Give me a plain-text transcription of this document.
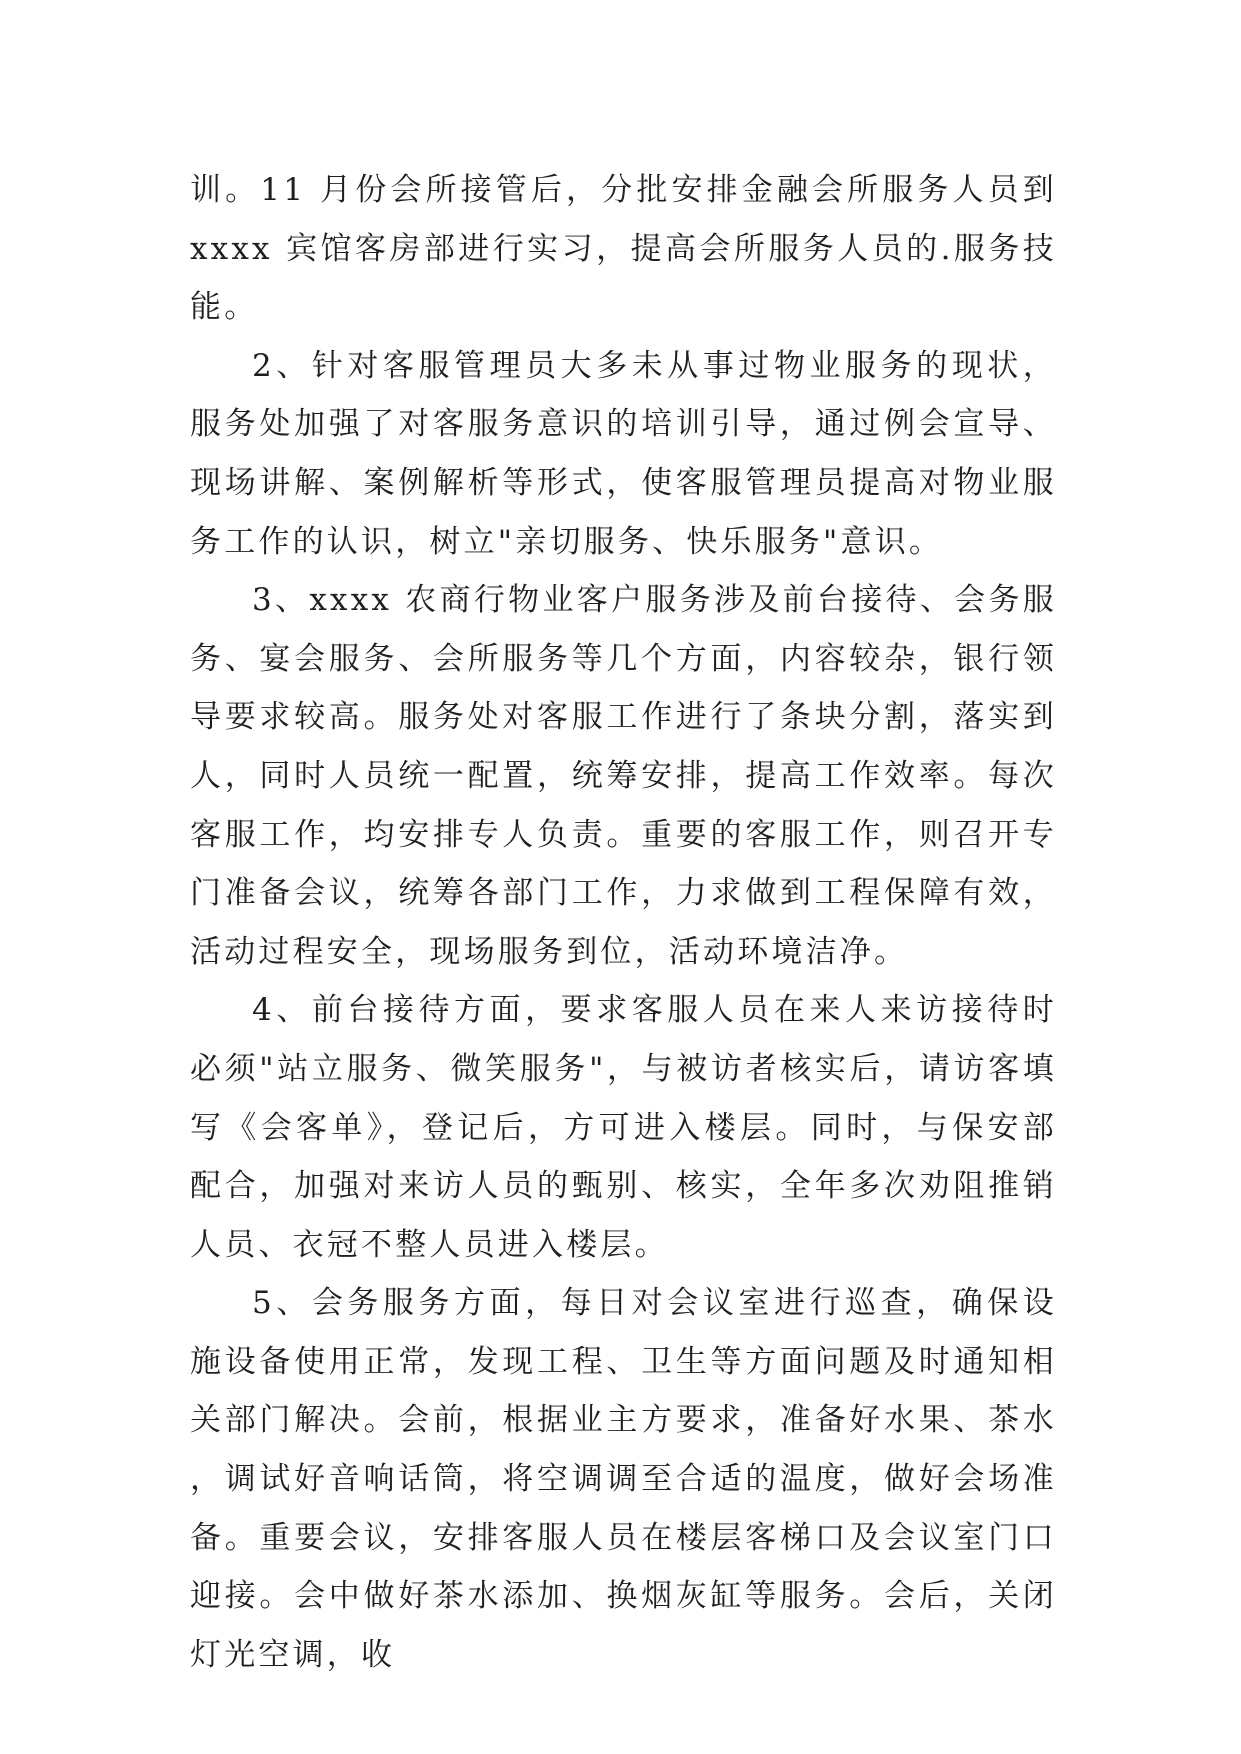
训。11 月份会所接管后，分批安排金融会所服务人员到 xxxx 宾馆客房部进行实习，提高会所服务人员的.服务技能。

2、针对客服管理员大多未从事过物业服务的现状，服务处加强了对客服务意识的培训引导，通过例会宣导、现场讲解、案例解析等形式，使客服管理员提高对物业服务工作的认识，树立"亲切服务、快乐服务"意识。

3、xxxx 农商行物业客户服务涉及前台接待、会务服务、宴会服务、会所服务等几个方面，内容较杂，银行领导要求较高。服务处对客服工作进行了条块分割，落实到人，同时人员统一配置，统筹安排，提高工作效率。每次客服工作，均安排专人负责。重要的客服工作，则召开专门准备会议，统筹各部门工作，力求做到工程保障有效，活动过程安全，现场服务到位，活动环境洁净。

4、前台接待方面，要求客服人员在来人来访接待时必须"站立服务、微笑服务"，与被访者核实后，请访客填写《会客单》，登记后，方可进入楼层。同时，与保安部配合，加强对来访人员的甄别、核实，全年多次劝阻推销人员、衣冠不整人员进入楼层。

5、会务服务方面，每日对会议室进行巡查，确保设施设备使用正常，发现工程、卫生等方面问题及时通知相关部门解决。会前，根据业主方要求，准备好水果、茶水，调试好音响话筒，将空调调至合适的温度，做好会场准备。重要会议，安排客服人员在楼层客梯口及会议室门口迎接。会中做好茶水添加、换烟灰缸等服务。会后，关闭灯光空调，收
